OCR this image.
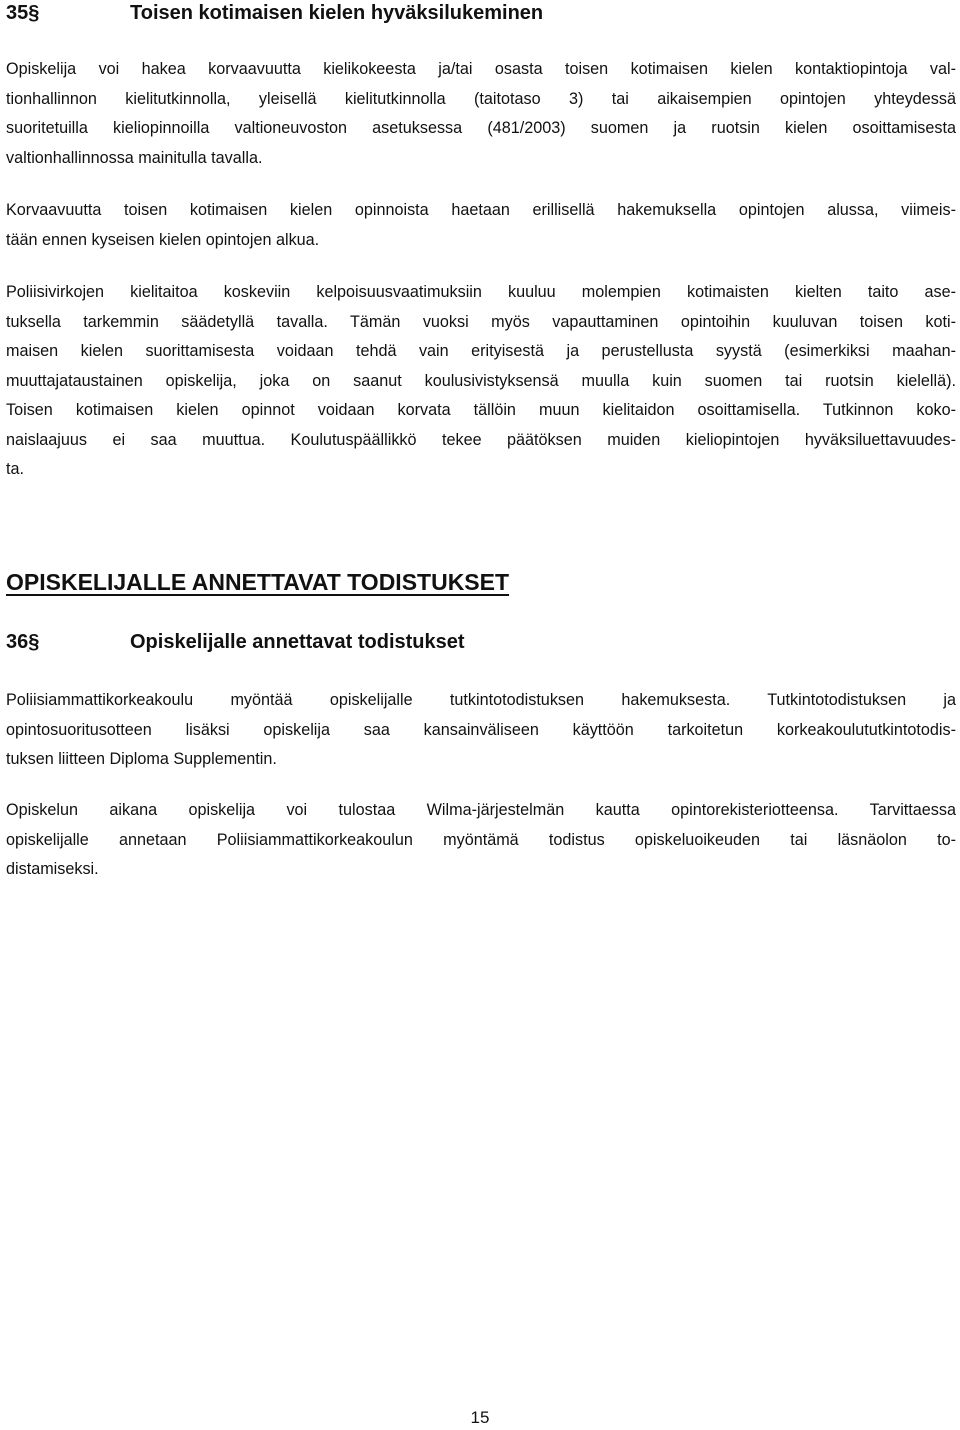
35§	Toisen kotimaisen kielen hyväksilukeminen
Opiskelija voi hakea korvaavuutta kielikokeesta ja/tai osasta toisen kotimaisen kielen kontaktiopintoja val-
tionhallinnon kielitutkinnolla, yleisellä kielitutkinnolla (taitotaso 3) tai aikaisempien opintojen yhteydessä
suoritetuilla kieliopinnoilla valtioneuvoston asetuksessa (481/2003) suomen ja ruotsin kielen osoittamisesta
valtionhallinnossa mainitulla tavalla.
Korvaavuutta toisen kotimaisen kielen opinnoista haetaan erillisellä hakemuksella opintojen alussa, viimeis-
tään ennen kyseisen kielen opintojen alkua.
Poliisivirkojen kielitaitoa koskeviin kelpoisuusvaatimuksiin kuuluu molempien kotimaisten kielten taito ase-
tuksella tarkemmin säädetyllä tavalla. Tämän vuoksi myös vapauttaminen opintoihin kuuluvan toisen koti-
maisen kielen suorittamisesta voidaan tehdä vain erityisestä ja perustellusta syystä (esimerkiksi maahan-
muuttajataustainen opiskelija, joka on saanut koulusivistyksensä muulla kuin suomen tai ruotsin kielellä).
Toisen kotimaisen kielen opinnot voidaan korvata tällöin muun kielitaidon osoittamisella. Tutkinnon koko-
naislaajuus ei saa muuttua. Koulutuspäällikkö tekee päätöksen muiden kieliopintojen hyväksiluettavuudes-
ta.
OPISKELIJALLE ANNETTAVAT TODISTUKSET
36§	Opiskelijalle annettavat todistukset
Poliisiammattikorkeakoulu myöntää opiskelijalle tutkintotodistuksen hakemuksesta. Tutkintotodistuksen ja
opintosuoritusotteen lisäksi opiskelija saa kansainväliseen käyttöön tarkoitetun korkeakoulututkintotodis-
tuksen liitteen Diploma Supplementin.
Opiskelun aikana opiskelija voi tulostaa Wilma-järjestelmän kautta opintorekisteriotteensa. Tarvittaessa
opiskelijalle annetaan Poliisiammattikorkeakoulun myöntämä todistus opiskeluoikeuden tai läsnäolon to-
distamiseksi.
15
